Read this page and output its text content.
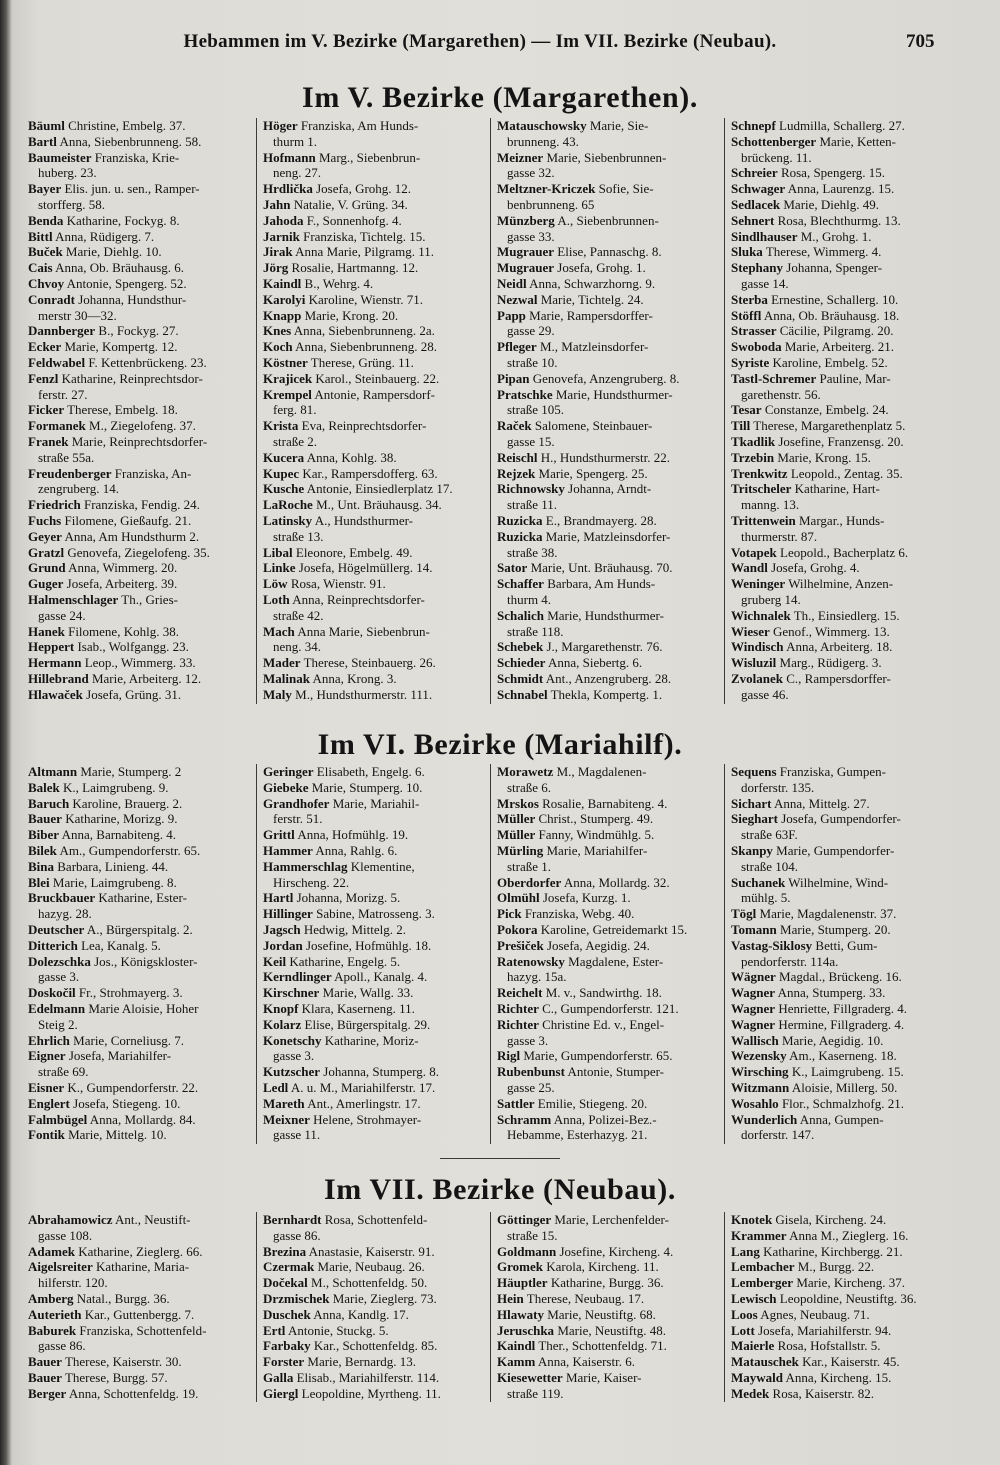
Hebammen im V. Bezirke (Margarethen) — Im VII. Bezirke (Neubau).	705
Im V. Bezirke (Margarethen).
Bäuml Christine, Embelg. 37.
Bartl Anna, Siebenbrunneng. 58.
Baumeister Franziska, Krie-
huberg. 23.
Bayer Elis. jun. u. sen., Ramper-
storfferg. 58.
Benda Katharine, Fockyg. 8.
Bittl Anna, Rüdigerg. 7.
Buček Marie, Diehlg. 10.
Cais Anna, Ob. Bräuhausg. 6.
Chvoy Antonie, Spengerg. 52.
Conradt Johanna, Hundsthur-
merstr 30—32.
Dannberger B., Fockyg. 27.
Ecker Marie, Kompertg. 12.
Feldwabel F. Kettenbrückeng. 23.
Fenzl Katharine, Reinprechtsdor-
ferstr. 27.
Ficker Therese, Embelg. 18.
Formanek M., Ziegelofeng. 37.
Franek Marie, Reinprechtsdorfer-
straße 55a.
Freudenberger Franziska, An-
zengruberg. 14.
Friedrich Franziska, Fendig. 24.
Fuchs Filomene, Gießaufg. 21.
Geyer Anna, Am Hundsthurm 2.
Gratzl Genovefa, Ziegelofeng. 35.
Grund Anna, Wimmerg. 20.
Guger Josefa, Arbeiterg. 39.
Halmenschlager Th., Gries-
gasse 24.
Hanek Filomene, Kohlg. 38.
Heppert Isab., Wolfgangg. 23.
Hermann Leop., Wimmerg. 33.
Hillebrand Marie, Arbeiterg. 12.
Hlawaček Josefa, Grüng. 31.
Höger Franziska, Am Hunds-
thurm 1.
Hofmann Marg., Siebenbrun-
neng. 27.
Hrdlička Josefa, Grohg. 12.
Jahn Natalie, V. Grüng. 34.
Jahoda F., Sonnenhofg. 4.
Jarnik Franziska, Tichtelg. 15.
Jirak Anna Marie, Pilgramg. 11.
Jörg Rosalie, Hartmanng. 12.
Kaindl B., Wehrg. 4.
Karolyi Karoline, Wienstr. 71.
Knapp Marie, Krong. 20.
Knes Anna, Siebenbrunneng. 2a.
Koch Anna, Siebenbrunneng. 28.
Köstner Therese, Grüng. 11.
Krajicek Karol., Steinbauerg. 22.
Krempel Antonie, Rampersdorf-
ferg. 81.
Krista Eva, Reinprechtsdorfer-
straße 2.
Kucera Anna, Kohlg. 38.
Kupec Kar., Rampersdofferg. 63.
Kusche Antonie, Einsiedlerplatz 17.
LaRoche M., Unt. Bräuhausg. 34.
Latinsky A., Hundsthurmer-
straße 13.
Libal Eleonore, Embelg. 49.
Linke Josefa, Högelmüllerg. 14.
Löw Rosa, Wienstr. 91.
Loth Anna, Reinprechtsdorfer-
straße 42.
Mach Anna Marie, Siebenbrun-
neng. 34.
Mader Therese, Steinbauerg. 26.
Malinak Anna, Krong. 3.
Maly M., Hundsthurmerstr. 111.
Matauschowsky Marie, Sie-
brunneng. 43.
Meizner Marie, Siebenbrunnen-
gasse 32.
Meltzner-Kriczek Sofie, Sie-
benbrunneng. 65
Münzberg A., Siebenbrunnen-
gasse 33.
Mugrauer Elise, Pannaschg. 8.
Mugrauer Josefa, Grohg. 1.
Neidl Anna, Schwarzhorng. 9.
Nezwal Marie, Tichtelg. 24.
Papp Marie, Rampersdorffer-
gasse 29.
Pfleger M., Matzleinsdorfer-
straße 10.
Pipan Genovefa, Anzengruberg. 8.
Pratschke Marie, Hundsthurmer-
straße 105.
Raček Salomene, Steinbauer-
gasse 15.
Reischl H., Hundsthurmerstr. 22.
Rejzek Marie, Spengerg. 25.
Richnowsky Johanna, Arndt-
straße 11.
Ruzicka E., Brandmayerg. 28.
Ruzicka Marie, Matzleinsdorfer-
straße 38.
Sator Marie, Unt. Bräuhausg. 70.
Schaffer Barbara, Am Hunds-
thurm 4.
Schalich Marie, Hundsthurmer-
straße 118.
Schebek J., Margarethenstr. 76.
Schieder Anna, Siebertg. 6.
Schmidt Ant., Anzengruberg. 28.
Schnabel Thekla, Kompertg. 1.
Schnepf Ludmilla, Schallerg. 27.
Schottenberger Marie, Ketten-
brückeng. 11.
Schreier Rosa, Spengerg. 15.
Schwager Anna, Laurenzg. 15.
Sedlacek Marie, Diehlg. 49.
Sehnert Rosa, Blechthurmg. 13.
Sindlhauser M., Grohg. 1.
Sluka Therese, Wimmerg. 4.
Stephany Johanna, Spenger-
gasse 14.
Sterba Ernestine, Schallerg. 10.
Stöffl Anna, Ob. Bräuhausg. 18.
Strasser Cäcilie, Pilgramg. 20.
Swoboda Marie, Arbeiterg. 21.
Syriste Karoline, Embelg. 52.
Tastl-Schremer Pauline, Mar-
garethenstr. 56.
Tesar Constanze, Embelg. 24.
Till Therese, Margarethenplatz 5.
Tkadlik Josefine, Franzensg. 20.
Trzebin Marie, Krong. 15.
Trenkwitz Leopold., Zentag. 35.
Tritscheler Katharine, Hart-
manng. 13.
Trittenwein Margar., Hunds-
thurmerstr. 87.
Votapek Leopold., Bacherplatz 6.
Wandl Josefa, Grohg. 4.
Weninger Wilhelmine, Anzen-
gruberg 14.
Wichnalek Th., Einsiedlerg. 15.
Wieser Genof., Wimmerg. 13.
Windisch Anna, Arbeiterg. 18.
Wisluzil Marg., Rüdigerg. 3.
Zvolanek C., Rampersdorffer-
gasse 46.
Im VI. Bezirke (Mariahilf).
Altmann Marie, Stumperg. 2
Balek K., Laimgrubeng. 9.
Baruch Karoline, Brauerg. 2.
Bauer Katharine, Morizg. 9.
Biber Anna, Barnabiteng. 4.
Bilek Am., Gumpendorferstr. 65.
Bina Barbara, Linieng. 44.
Blei Marie, Laimgrubeng. 8.
Bruckbauer Katharine, Ester-
hazyg. 28.
Deutscher A., Bürgerspitalg. 2.
Ditterich Lea, Kanalg. 5.
Dolezschka Jos., Königskloster-
gasse 3.
Doskočil Fr., Strohmayerg. 3.
Edelmann Marie Aloisie, Hoher
Steig 2.
Ehrlich Marie, Corneliusg. 7.
Eigner Josefa, Mariahilfer-
straße 69.
Eisner K., Gumpendorferstr. 22.
Englert Josefa, Stiegeng. 10.
Falmbügel Anna, Mollardg. 84.
Fontik Marie, Mittelg. 10.
Geringer Elisabeth, Engelg. 6.
Giebeke Marie, Stumperg. 10.
Grandhofer Marie, Mariahil-
ferstr. 51.
Grittl Anna, Hofmühlg. 19.
Hammer Anna, Rahlg. 6.
Hammerschlag Klementine,
Hirscheng. 22.
Hartl Johanna, Morizg. 5.
Hillinger Sabine, Matrosseng. 3.
Jagsch Hedwig, Mittelg. 2.
Jordan Josefine, Hofmühlg. 18.
Keil Katharine, Engelg. 5.
Kerndlinger Apoll., Kanalg. 4.
Kirschner Marie, Wallg. 33.
Knopf Klara, Kaserneng. 11.
Kolarz Elise, Bürgerspitalg. 29.
Konetschy Katharine, Moriz-
gasse 3.
Kutzscher Johanna, Stumperg. 8.
Ledl A. u. M., Mariahilferstr. 17.
Mareth Ant., Amerlingstr. 17.
Meixner Helene, Strohmayer-
gasse 11.
Morawetz M., Magdalenen-
straße 6.
Mrskos Rosalie, Barnabiteng. 4.
Müller Christ., Stumperg. 49.
Müller Fanny, Windmühlg. 5.
Mürling Marie, Mariahilfer-
straße 1.
Oberdorfer Anna, Mollardg. 32.
Olmühl Josefa, Kurzg. 1.
Pick Franziska, Webg. 40.
Pokora Karoline, Getreidemarkt 15.
Prešiček Josefa, Aegidig. 24.
Ratenowsky Magdalene, Ester-
hazyg. 15a.
Reichelt M. v., Sandwirthg. 18.
Richter C., Gumpendorferstr. 121.
Richter Christine Ed. v., Engel-
gasse 3.
Rigl Marie, Gumpendorferstr. 65.
Rubenbunst Antonie, Stumper-
gasse 25.
Sattler Emilie, Stiegeng. 20.
Schramm Anna, Polizei-Bez.-
Hebamme, Esterhazyg. 21.
Sequens Franziska, Gumpen-
dorferstr. 135.
Sichart Anna, Mittelg. 27.
Sieghart Josefa, Gumpendorfer-
straße 63F.
Skanpy Marie, Gumpendorfer-
straße 104.
Suchanek Wilhelmine, Wind-
mühlg. 5.
Tögl Marie, Magdalenenstr. 37.
Tomann Marie, Stumperg. 20.
Vastag-Siklosy Betti, Gum-
pendorferstr. 114a.
Wägner Magdal., Brückeng. 16.
Wagner Anna, Stumperg. 33.
Wagner Henriette, Fillgraderg. 4.
Wagner Hermine, Fillgraderg. 4.
Wallisch Marie, Aegidig. 10.
Wezensky Am., Kaserneng. 18.
Wirsching K., Laimgrubeng. 15.
Witzmann Aloisie, Millerg. 50.
Wosahlo Flor., Schmalzhofg. 21.
Wunderlich Anna, Gumpen-
dorferstr. 147.
Im VII. Bezirke (Neubau).
Abrahamowicz Ant., Neustift-
gasse 108.
Adamek Katharine, Zieglerg. 66.
Aigelsreiter Katharine, Maria-
hilferstr. 120.
Amberg Natal., Burgg. 36.
Auterieth Kar., Guttenbergg. 7.
Baburek Franziska, Schottenfeld-
gasse 86.
Bauer Therese, Kaiserstr. 30.
Bauer Therese, Burgg. 57.
Berger Anna, Schottenfeldg. 19.
Bernhardt Rosa, Schottenfeld-
gasse 86.
Brezina Anastasie, Kaiserstr. 91.
Czermak Marie, Neubaug. 26.
Dočekal M., Schottenfeldg. 50.
Drzmischek Marie, Zieglerg. 73.
Duschek Anna, Kandlg. 17.
Ertl Antonie, Stuckg. 5.
Farbaky Kar., Schottenfeldg. 85.
Forster Marie, Bernardg. 13.
Galla Elisab., Mariahilferstr. 114.
Giergl Leopoldine, Myrtheng. 11.
Göttinger Marie, Lerchenfelder-
straße 15.
Goldmann Josefine, Kircheng. 4.
Gromek Karola, Kircheng. 11.
Häuptler Katharine, Burgg. 36.
Hein Therese, Neubaug. 17.
Hlawaty Marie, Neustiftg. 68.
Jeruschka Marie, Neustiftg. 48.
Kaindl Ther., Schottenfeldg. 71.
Kamm Anna, Kaiserstr. 6.
Kiesewetter Marie, Kaiser-
straße 119.
Knotek Gisela, Kircheng. 24.
Krammer Anna M., Zieglerg. 16.
Lang Katharine, Kirchbergg. 21.
Lembacher M., Burgg. 22.
Lemberger Marie, Kircheng. 37.
Lewisch Leopoldine, Neustiftg. 36.
Loos Agnes, Neubaug. 71.
Lott Josefa, Mariahilferstr. 94.
Maierle Rosa, Hofstallstr. 5.
Matauschek Kar., Kaiserstr. 45.
Maywald Anna, Kircheng. 15.
Medek Rosa, Kaiserstr. 82.
